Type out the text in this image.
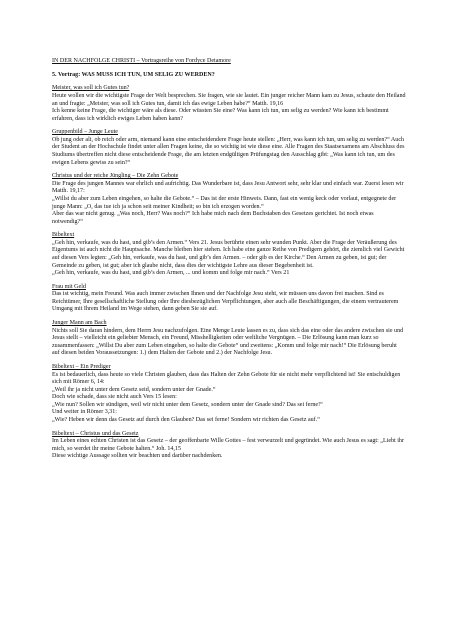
IN DER NACHFOLGE CHRISTI – Vortragsreihe von Fordyce Detamore

5. Vortrag: WAS MUSS ICH TUN, UM SELIG ZU WERDEN?

Meister, was soll ich Gutes tun?

Heute wollen wir die wichtigste Frage der Welt besprechen. Sie fragen, wie sie lautet. Ein junger reicher Mann kam zu Jesus, schaute den Heiland an und fragte: „Meister, was soll ich Gutes tun, damit ich das ewige Leben habe?“ Matth. 19,16

Ich kenne keine Frage, die wichtiger wäre als diese. Oder wüssten Sie eine? Was kann ich tun, um selig zu werden? Wie kann ich bestimmt erfahren, dass ich wirklich ewiges Leben haben kann?

Gruppenbild – Junge Leute

Ob jung oder alt, ob reich oder arm, niemand kann eine entscheidendere Frage heute stellen: „Herr, was kann ich tun, um selig zu werden?“ Auch der Student an der Hochschule findet unter allen Fragen keine, die so wichtig ist wie diese eine. Alle Fragen des Staatsexamens am Abschluss des Studiums übertreffen nicht diese entscheidende Frage, die am letzten endgültigen Prüfungstag den Ausschlag gibt: „Was kann ich tun, um des ewigen Lebens gewiss zu sein?“

Christus und der reiche Jüngling – Die Zehn Gebote

Die Frage des jungen Mannes war ehrlich und aufrichtig. Das Wunderbare ist, dass Jesu Antwort sehr, sehr klar und einfach war. Zuerst lesen wir Matth. 19,17:

„Willst du aber zum Leben eingehen, so halte die Gebote.“ – Das ist der erste Hinweis. Dann, fast ein wenig keck oder vorlaut, entgegnete der junge Mann: „O, das tue ich ja schon seit meiner Kindheit; so bin ich erzogen worden.“

Aber das war nicht genug. „Was noch, Herr? Was noch?“ Ich habe mich nach dem Buchstaben des Gesetzes gerichtet. Ist noch etwas notwendig?“

Bibeltext

„Geh hin, verkaufe, was du hast, und gib’s den Armen.“ Vers 21. Jesus berührte einen sehr wunden Punkt. Aber die Frage der Veräußerung des Eigentums ist auch nicht die Hauptsache. Manche bleiben hier stehen. Ich habe eine ganze Reihe von Predigern gehört, die ziemlich viel Gewicht auf diesen Vers legten: „Geh hin, verkaufe, was du hast, und gib’s den Armen. – oder gib es der Kirche.“ Den Armen zu geben, ist gut; der Gemeinde zu geben, ist gut; aber ich glaube nicht, dass dies der wichtigste Lehre aus dieser Begebenheit ist.

„Geh hin, verkaufe, was du hast, und gib’s den Armen, ... und komm und folge mir nach.“ Vers 21

Frau mit Geld

Das ist wichtig, mein Freund. Was auch immer zwischen Ihnen und der Nachfolge Jesu steht, wir müssen uns davon frei machen. Sind es Reichtümer, Ihre gesellschaftliche Stellung oder Ihre diesbezüglichen Verpflichtungen, aber auch alle Beschäftigungen, die einem vertrauterem Umgang mit Ihrem Heiland im Wege stehen, dann geben Sie sie auf.

Junger Mann am Bach

Nichts soll Sie daran hindern, dem Herrn Jesu nachzufolgen. Eine Menge Leute lassen es zu, dass sich das eine oder das andere zwischen sie und Jesus stellt – vielleicht ein geliebter Mensch, ein Freund, Misshelligkeiten oder weltliche Vergnügen. – Die Erlösung kann man kurz so zusammenfassen: „Willst Du aber zum Leben eingehen, so halte die Gebote“ und zweitens: „Komm und folge mir nach!“ Die Erlösung beruht auf diesen beiden Voraussetzungen: 1.) dem Halten der Gebote und 2.) der Nachfolge Jesu.

Bibeltext – Ein Prediger

Es ist bedauerlich, dass heute so viele Christen glauben, dass das Halten der Zehn Gebote für sie nicht mehr verpflichtend ist! Sie entschuldigen sich mit Römer 6, 14:

„Weil ihr ja nicht unter dem Gesetz seid, sondern unter der Gnade.“

Doch wie schade, dass sie nicht auch Vers 15 lesen:

„Wie nun? Sollen wir sündigen, weil wir nicht unter dem Gesetz, sondern unter der Gnade sind? Das sei ferne!“

Und weiter in Römer 3,31:

„Wie? Heben wir denn das Gesetz auf durch den Glauben? Das sei ferne! Sondern wir richten das Gesetz auf.“

Bibeltext – Christus und das Gesetz

Im Leben eines echten Christen ist das Gesetz – der geoffenbarte Wille Gottes – fest verwurzelt und gegründet. Wie auch Jesus es sagt: „Liebt ihr mich, so werdet ihr meine Gebote halten.“ Joh. 14,15

Diese wichtige Aussage sollten wir beachten und darüber nachdenken.
